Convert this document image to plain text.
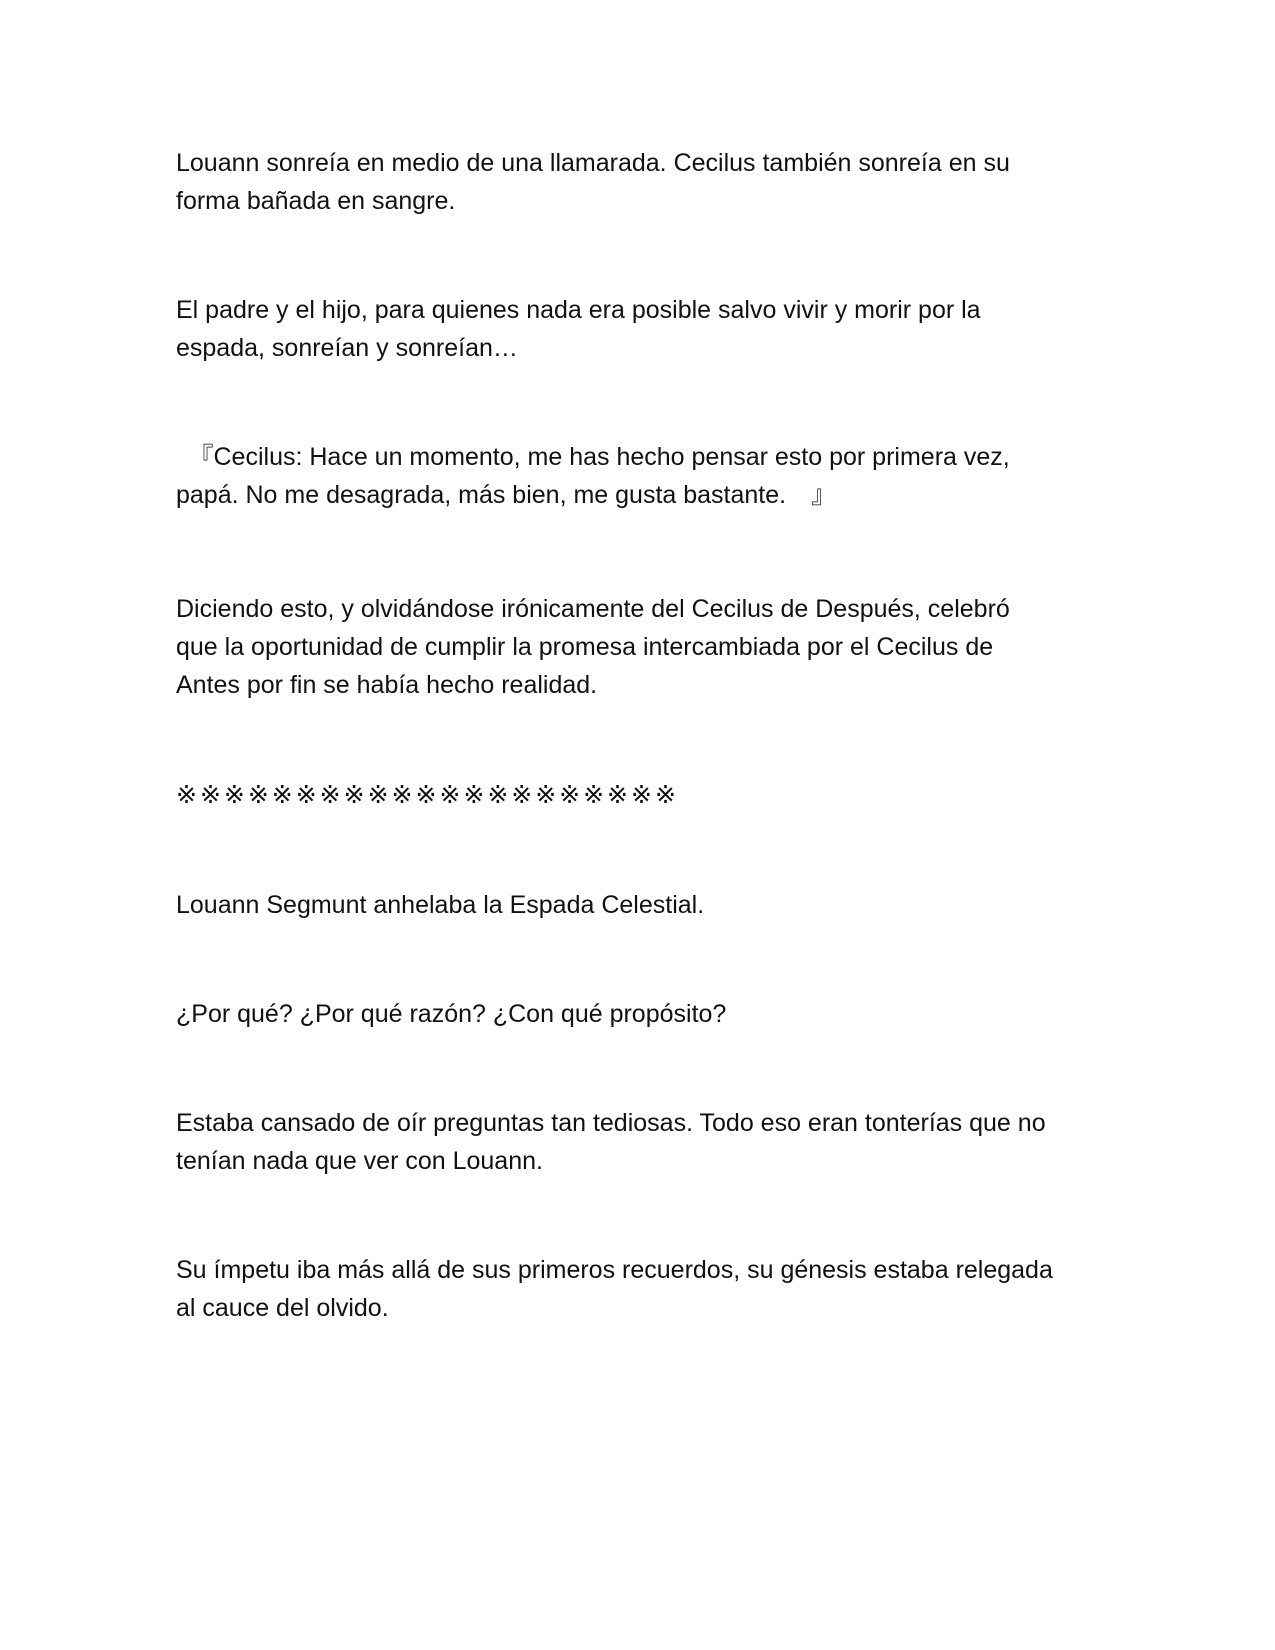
Louann sonreía en medio de una llamarada. Cecilus también sonreía en su
forma bañada en sangre.

El padre y el hijo, para quienes nada era posible salvo vivir y morir por la
espada, sonreían y sonreían…

　『Cecilus: Hace un momento, me has hecho pensar esto por primera vez,
papá. No me desagrada, más bien, me gusta bastante.　』

Diciendo esto, y olvidándose irónicamente del Cecilus de Después, celebró
que la oportunidad de cumplir la promesa intercambiada por el Cecilus de
Antes por fin se había hecho realidad.

※※※※※※※※※※※※※※※※※※※※※

Louann Segmunt anhelaba la Espada Celestial.

¿Por qué? ¿Por qué razón? ¿Con qué propósito?

Estaba cansado de oír preguntas tan tediosas. Todo eso eran tonterías que no
tenían nada que ver con Louann.

Su ímpetu iba más allá de sus primeros recuerdos, su génesis estaba relegada
al cauce del olvido.
